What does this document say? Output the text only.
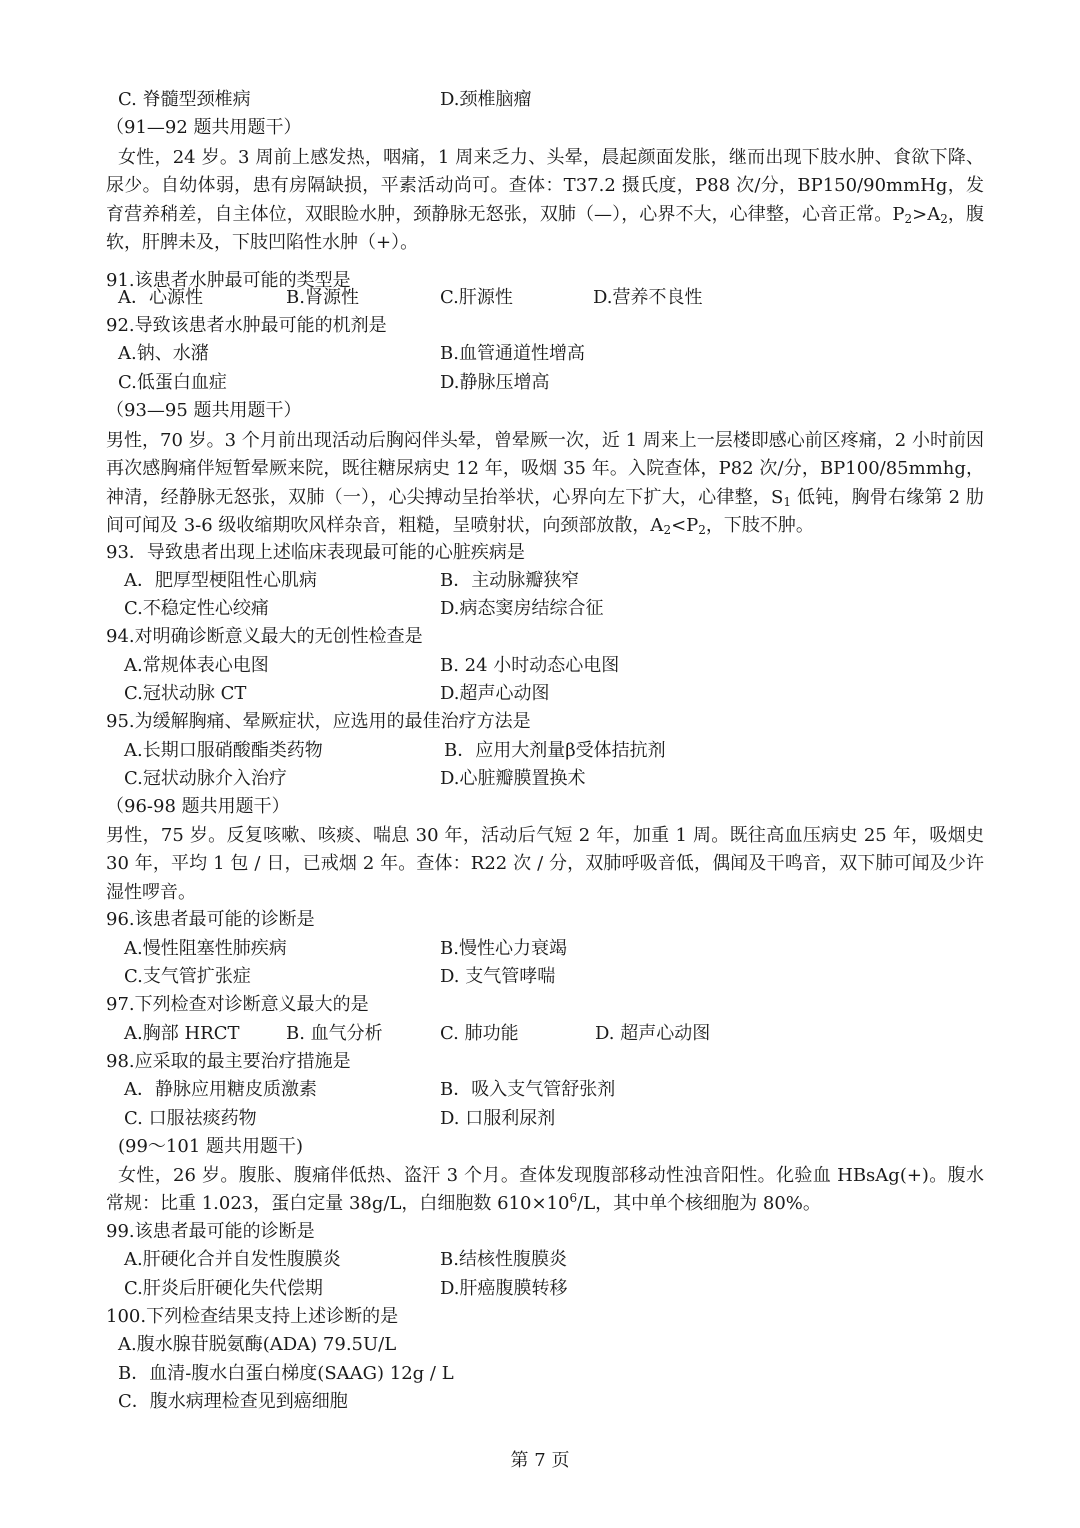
C. 脊髓型颈椎病	D.颈椎脑瘤
（91—92 题共用题干）
91.该患者水肿最可能的类型是
A．心源性	B.肾源性	C.肝源性	D.营养不良性
92.导致该患者水肿最可能的机剂是
A.钠、水潴	B.血管通道性增高
C.低蛋白血症	D.静脉压增高
（93—95 题共用题干）
93．导致患者出现上述临床表现最可能的心脏疾病是
A．肥厚型梗阻性心肌病	B．主动脉瓣狭窄
C.不稳定性心绞痛	D.病态窦房结综合征
94.对明确诊断意义最大的无创性检查是
A.常规体表心电图	B. 24 小时动态心电图
C.冠状动脉 CT	D.超声心动图
95.为缓解胸痛、晕厥症状，应选用的最佳治疗方法是
A.长期口服硝酸酯类药物	B．应用大剂量β受体拮抗剂
C.冠状动脉介入治疗	D.心脏瓣膜置换术
（96-98 题共用题干）
96.该患者最可能的诊断是
A.慢性阻塞性肺疾病	B.慢性心力衰竭
C.支气管扩张症	D. 支气管哮喘
97.下列检查对诊断意义最大的是
A.胸部 HRCT	B. 血气分析	C. 肺功能	D. 超声心动图
98.应采取的最主要治疗措施是
A．静脉应用糖皮质激素	B．吸入支气管舒张剂
C. 口服祛痰药物	D. 口服利尿剂
(99～101 题共用题干)
99.该患者最可能的诊断是
A.肝硬化合并自发性腹膜炎	B.结核性腹膜炎
C.肝炎后肝硬化失代偿期	D.肝癌腹膜转移
100.下列检查结果支持上述诊断的是
A.腹水腺苷脱氨酶(ADA) 79.5U/L
B．血清-腹水白蛋白梯度(SAAG) 12g / L
C．腹水病理检查见到癌细胞
女性，24 岁。3 周前上感发热，咽痛，1 周来乏力、头晕，晨起颜面发胀，继而出现下肢水肿、食欲下降、尿少。自幼体弱，患有房隔缺损，平素活动尚可。查体：T37.2 摄氏度，P88 次/分，BP150/90mmHg，发育营养稍差，自主体位，双眼睑水肿，颈静脉无怒张，双肺（—），心界不大，心律整，心音正常。$P_2>A_2$，腹软，肝脾未及，下肢凹陷性水肿（+）。
男性，70 岁。3 个月前出现活动后胸闷伴头晕，曾晕厥一次，近 1 周来上一层楼即感心前区疼痛，2 小时前因再次感胸痛伴短暂晕厥来院，既往糖尿病史 12 年，吸烟 35 年。入院查体，P82 次/分，BP100/85mmhg，神清，经静脉无怒张，双肺（一），心尖搏动呈抬举状，心界向左下扩大，心律整，$S_1$ 低钝，胸骨右缘第 2 肋间可闻及 3-6 级收缩期吹风样杂音，粗糙，呈喷射状，向颈部放散，$A_2<P_2$，下肢不肿。
男性，75 岁。反复咳嗽、咳痰、喘息 30 年，活动后气短 2 年，加重 1 周。既往高血压病史 25 年，吸烟史 30 年，平均 1 包 / 日，已戒烟 2 年。查体：R22 次 / 分，双肺呼吸音低，偶闻及干鸣音，双下肺可闻及少许湿性啰音。
女性，26 岁。腹胀、腹痛伴低热、盗汗 3 个月。查体发现腹部移动性浊音阳性。化验血 HBsAg(+)。腹水常规：比重 1.023，蛋白定量 38g/L，白细胞数 $610\times 10^6/L$，其中单个核细胞为 80%。
第 7 页
